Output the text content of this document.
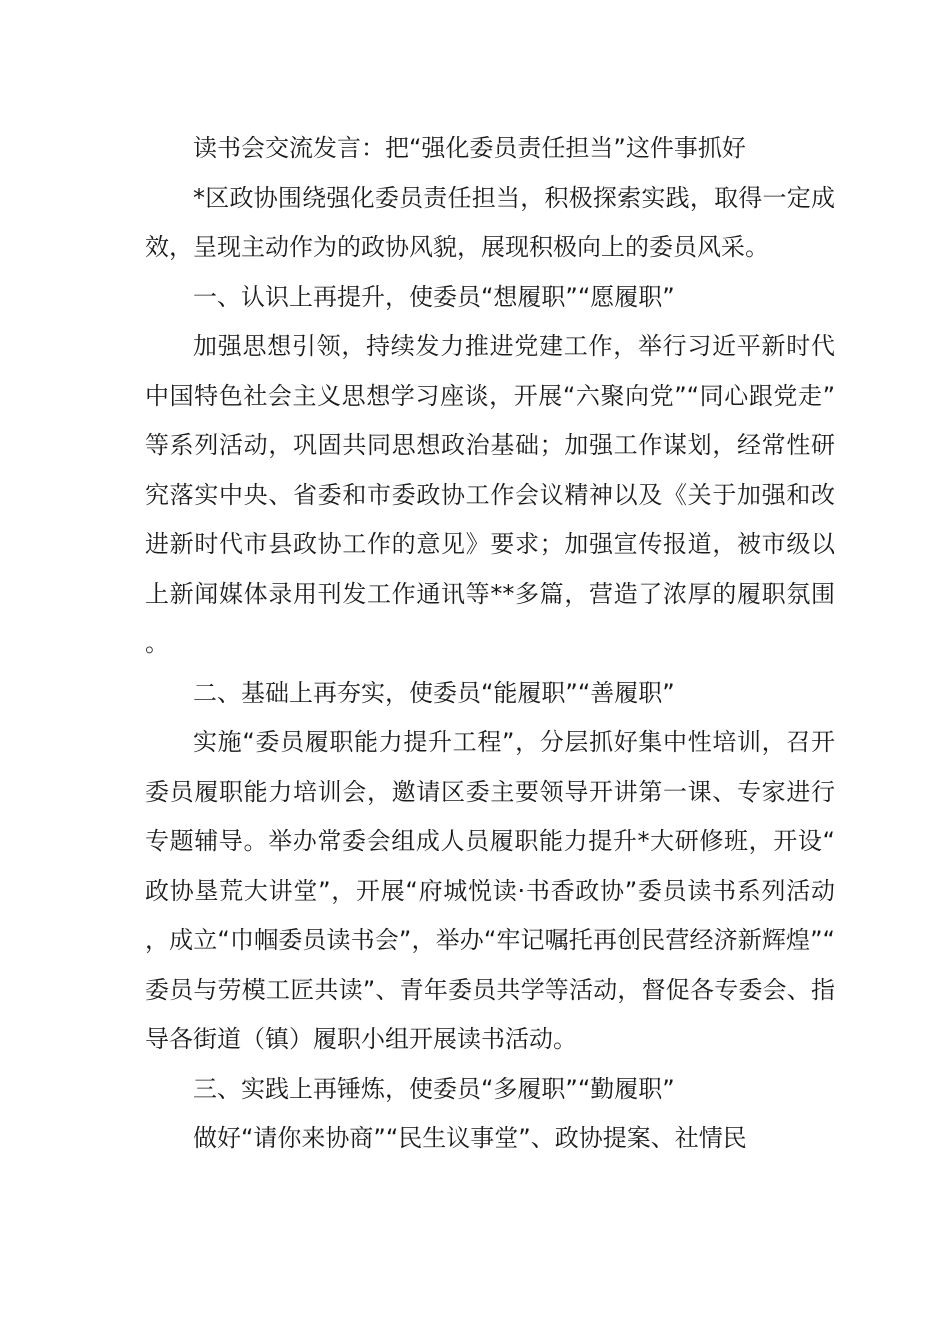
读书会交流发言：把“强化委员责任担当”这件事抓好

*区政协围绕强化委员责任担当，积极探索实践，取得一定成效，呈现主动作为的政协风貌，展现积极向上的委员风采。

一、认识上再提升，使委员“想履职”“愿履职”

加强思想引领，持续发力推进党建工作，举行习近平新时代中国特色社会主义思想学习座谈，开展“六聚向党”“同心跟党走”等系列活动，巩固共同思想政治基础；加强工作谋划，经常性研究落实中央、省委和市委政协工作会议精神以及《关于加强和改进新时代市县政协工作的意见》要求；加强宣传报道，被市级以上新闻媒体录用刊发工作通讯等**多篇，营造了浓厚的履职氛围。

二、基础上再夯实，使委员“能履职”“善履职”

实施“委员履职能力提升工程”，分层抓好集中性培训，召开委员履职能力培训会，邀请区委主要领导开讲第一课、专家进行专题辅导。举办常委会组成人员履职能力提升*大研修班，开设“政协垦荒大讲堂”，开展“府城悦读·书香政协”委员读书系列活动，成立“巾帼委员读书会”，举办“牢记嘱托再创民营经济新辉煌”“委员与劳模工匠共读”、青年委员共学等活动，督促各专委会、指导各街道（镇）履职小组开展读书活动。

三、实践上再锤炼，使委员“多履职”“勤履职”

做好“请你来协商”“民生议事堂”、政协提案、社情民
